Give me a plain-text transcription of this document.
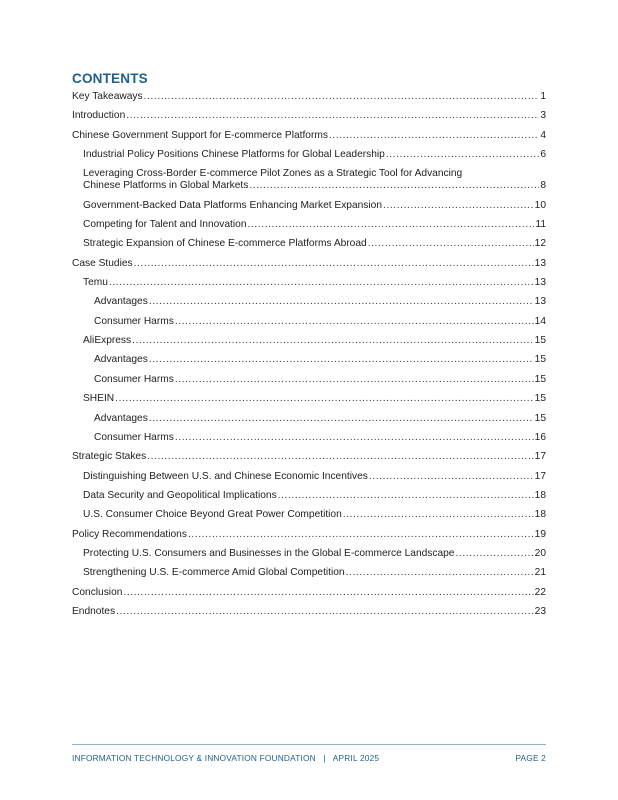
CONTENTS
Key Takeaways .....	1
Introduction .....	3
Chinese Government Support for E-commerce Platforms .....	4
Industrial Policy Positions Chinese Platforms for Global Leadership .....	6
Leveraging Cross-Border E-commerce Pilot Zones as a Strategic Tool for Advancing
Chinese Platforms in Global Markets .....	8
Government-Backed Data Platforms Enhancing Market Expansion .....	10
Competing for Talent and Innovation .....	11
Strategic Expansion of Chinese E-commerce Platforms Abroad .....	12
Case Studies .....	13
Temu .....	13
Advantages .....	13
Consumer Harms .....	14
AliExpress .....	15
Advantages .....	15
Consumer Harms .....	15
SHEIN .....	15
Advantages .....	15
Consumer Harms .....	16
Strategic Stakes .....	17
Distinguishing Between U.S. and Chinese Economic Incentives .....	17
Data Security and Geopolitical Implications .....	18
U.S. Consumer Choice Beyond Great Power Competition .....	18
Policy Recommendations .....	19
Protecting U.S. Consumers and Businesses in the Global E-commerce Landscape .....	20
Strengthening U.S. E-commerce Amid Global Competition .....	21
Conclusion .....	22
Endnotes .....	23
INFORMATION TECHNOLOGY & INNOVATION FOUNDATION | APRIL 2025	PAGE 2
